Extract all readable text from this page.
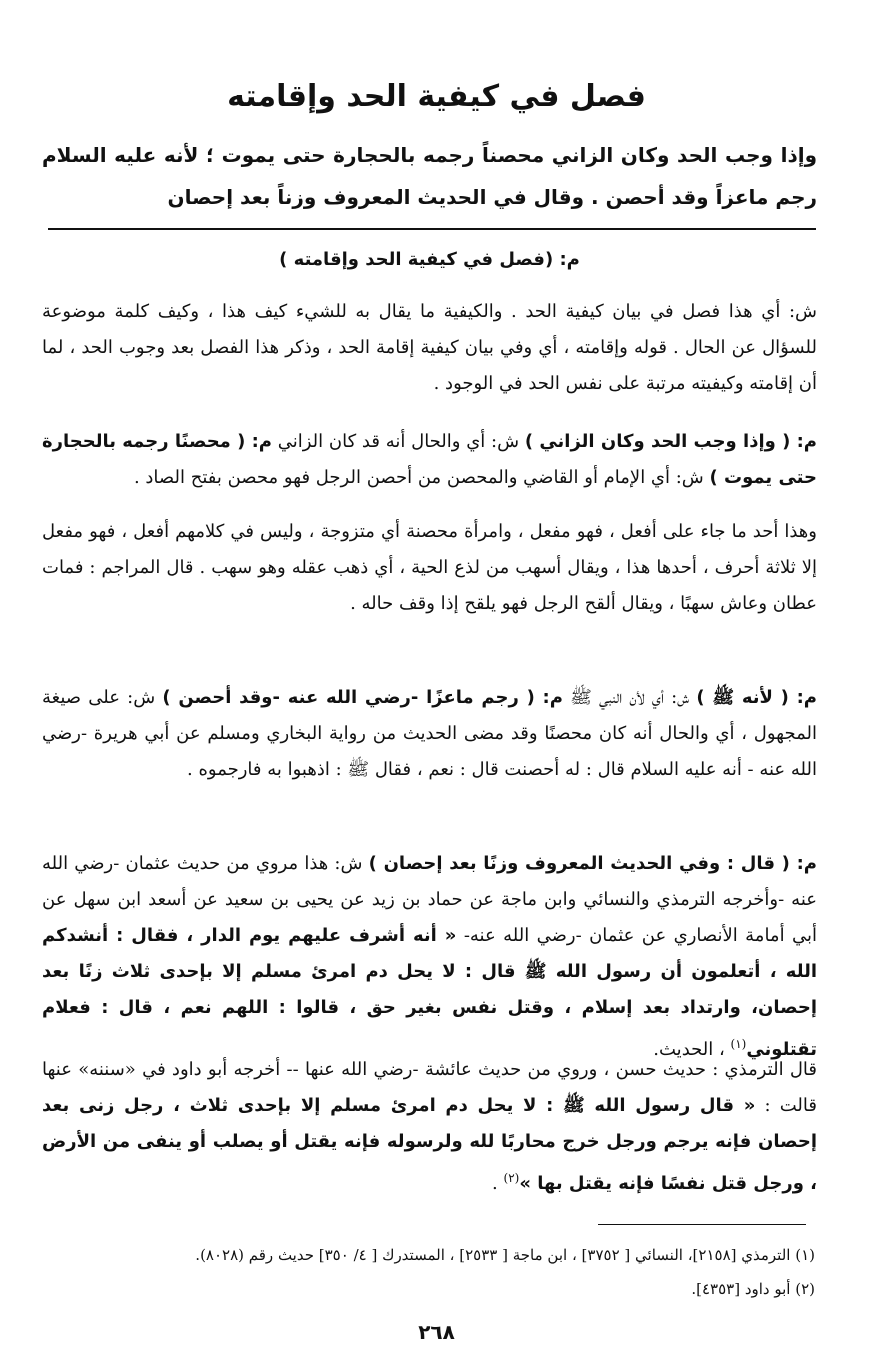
فصل في كيفية الحد وإقامته
وإذا وجب الحد وكان الزاني محصناً رجمه بالحجارة حتى يموت ؛ لأنه عليه السلام رجم ماعزاً وقد أحصن . وقال في الحديث المعروف وزناً بعد إحصان
م: (فصل في كيفية الحد وإقامته )

ش: أي هذا فصل في بيان كيفية الحد . والكيفية ما يقال به للشيء كيف هذا ، وكيف كلمة موضوعة للسؤال عن الحال . قوله وإقامته ، أي وفي بيان كيفية إقامة الحد ، وذكر هذا الفصل بعد وجوب الحد ، لما أن إقامته وكيفيته مرتبة على نفس الحد في الوجود .

م: ( وإذا وجب الحد وكان الزاني ) ش: أي والحال أنه قد كان الزاني م: ( محصنًا رجمه بالحجارة حتى يموت ) ش: أي الإمام أو القاضي والمحصن من أحصن الرجل فهو محصن بفتح الصاد .

وهذا أحد ما جاء على أفعل ، فهو مفعل ، وامرأة محصنة أي متزوجة ، وليس في كلامهم أفعل ، فهو مفعل إلا ثلاثة أحرف ، أحدها هذا ، ويقال أسهب من لذع الحية ، أي ذهب عقله وهو سهب . قال المراجم : فمات عطان وعاش سهبًا ، ويقال ألقح الرجل فهو يلقح إذا وقف حاله .

م: ( لأنه ﷺ ) ش: أي لأن النبي ﷺ م: ( رجم ماعزًا -رضي الله عنه -وقد أحصن ) ش: على صيغة المجهول ، أي والحال أنه كان محصنًا وقد مضى الحديث من رواية البخاري ومسلم عن أبي هريرة -رضي الله عنه - أنه عليه السلام قال : له أحصنت قال : نعم ، فقال ﷺ : اذهبوا به فارجموه .

م: ( قال : وفي الحديث المعروف وزنًا بعد إحصان ) ش: هذا مروي من حديث عثمان -رضي الله عنه -وأخرجه الترمذي والنسائي وابن ماجة عن حماد بن زيد عن يحيى بن سعيد عن أسعد ابن سهل عن أبي أمامة الأنصاري عن عثمان -رضي الله عنه- « أنه أشرف عليهم يوم الدار ، فقال : أنشدكم الله ، أتعلمون أن رسول الله ﷺ قال : لا يحل دم امرئ مسلم إلا بإحدى ثلاث زنًا بعد إحصان، وارتداد بعد إسلام ، وقتل نفس بغير حق ، قالوا : اللهم نعم ، قال : فعلام تقتلوني$^{(١)}$ ، الحديث.

قال الترمذي : حديث حسن ، وروي من حديث عائشة -رضي الله عنها -- أخرجه أبو داود في «سننه» عنها قالت : « قال رسول الله ﷺ : لا يحل دم امرئ مسلم إلا بإحدى ثلاث ، رجل زنى بعد إحصان فإنه يرجم ورجل خرج محاربًا لله ولرسوله فإنه يقتل أو يصلب أو ينفى من الأرض ، ورجل قتل نفسًا فإنه يقتل بها »$^{(٢)}$ .

(١) الترمذي [٢١٥٨]، النسائي [ ٣٧٥٢] ، ابن ماجة [ ٢٥٣٣] ، المستدرك [ ٤/ ٣٥٠] حديث رقم (٨٠٢٨).

(٢) أبو داود [٤٣٥٣].

٢٦٨
